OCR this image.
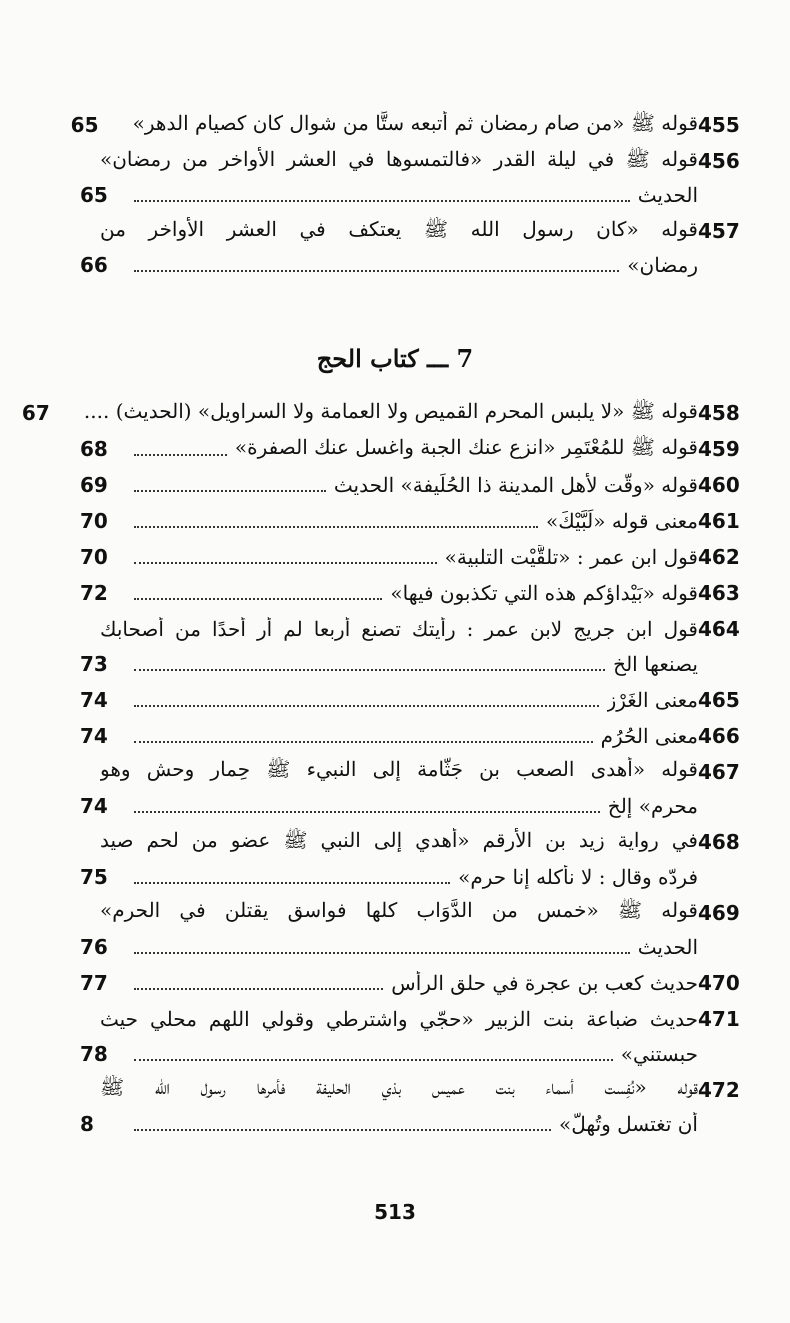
7 ـــ كتاب الحج
513
455
قوله ﷺ «من صام رمضان ثم أتبعه ستًّا من شوال كان كصيام الدهر»
65
456
قوله ﷺ في ليلة القدر «فالتمسوها في العشر الأواخر من رمضان»
الحديث
65
457
قوله «كان رسول الله ﷺ يعتكف في العشر الأواخر من
رمضان»
66
458
قوله ﷺ «لا يلبس المحرم القميص ولا العمامة ولا السراويل» (الحديث) ....
67
459
قوله ﷺ للمُعْتَمِر «انزع عنك الجبة واغسل عنك الصفرة»
68
460
قوله «وقّت لأهل المدينة ذا الحُلَيفة» الحديث
69
461
معنى قوله «لَبَّيْكَ»
70
462
قول ابن عمر : «تلقَّيْت التلبية»
70
463
قوله «بَيْداؤكم هذه التي تكذبون فيها»
72
464
قول ابن جريج لابن عمر : رأيتك تصنع أربعا لم أر أحدًا من أصحابك
يصنعها الخ
73
465
معنى الغَرْز
74
466
معنى الحُرُم
74
467
قوله «أهدى الصعب بن جَثّامة إلى النبيء ﷺ حِمار وحش وهو
محرم» إلخ
74
468
في رواية زيد بن الأرقم «أهدي إلى النبي ﷺ عضو من لحم صيد
فردّه وقال : لا نأكله إنا حرم»
75
469
قوله ﷺ «خمس من الدَّوَاب كلها فواسق يقتلن في الحرم»
الحديث
76
470
حديث كعب بن عجرة في حلق الرأس
77
471
حديث ضباعة بنت الزبير «حجّي واشترطي وقولي اللهم محلي حيث
حبستني»
78
472
قوله «نُفِست أسماء بنت عميس بذي الحليفة فأمرها رسول الله ﷺ
أن تغتسل وتُهِلّ»
8
